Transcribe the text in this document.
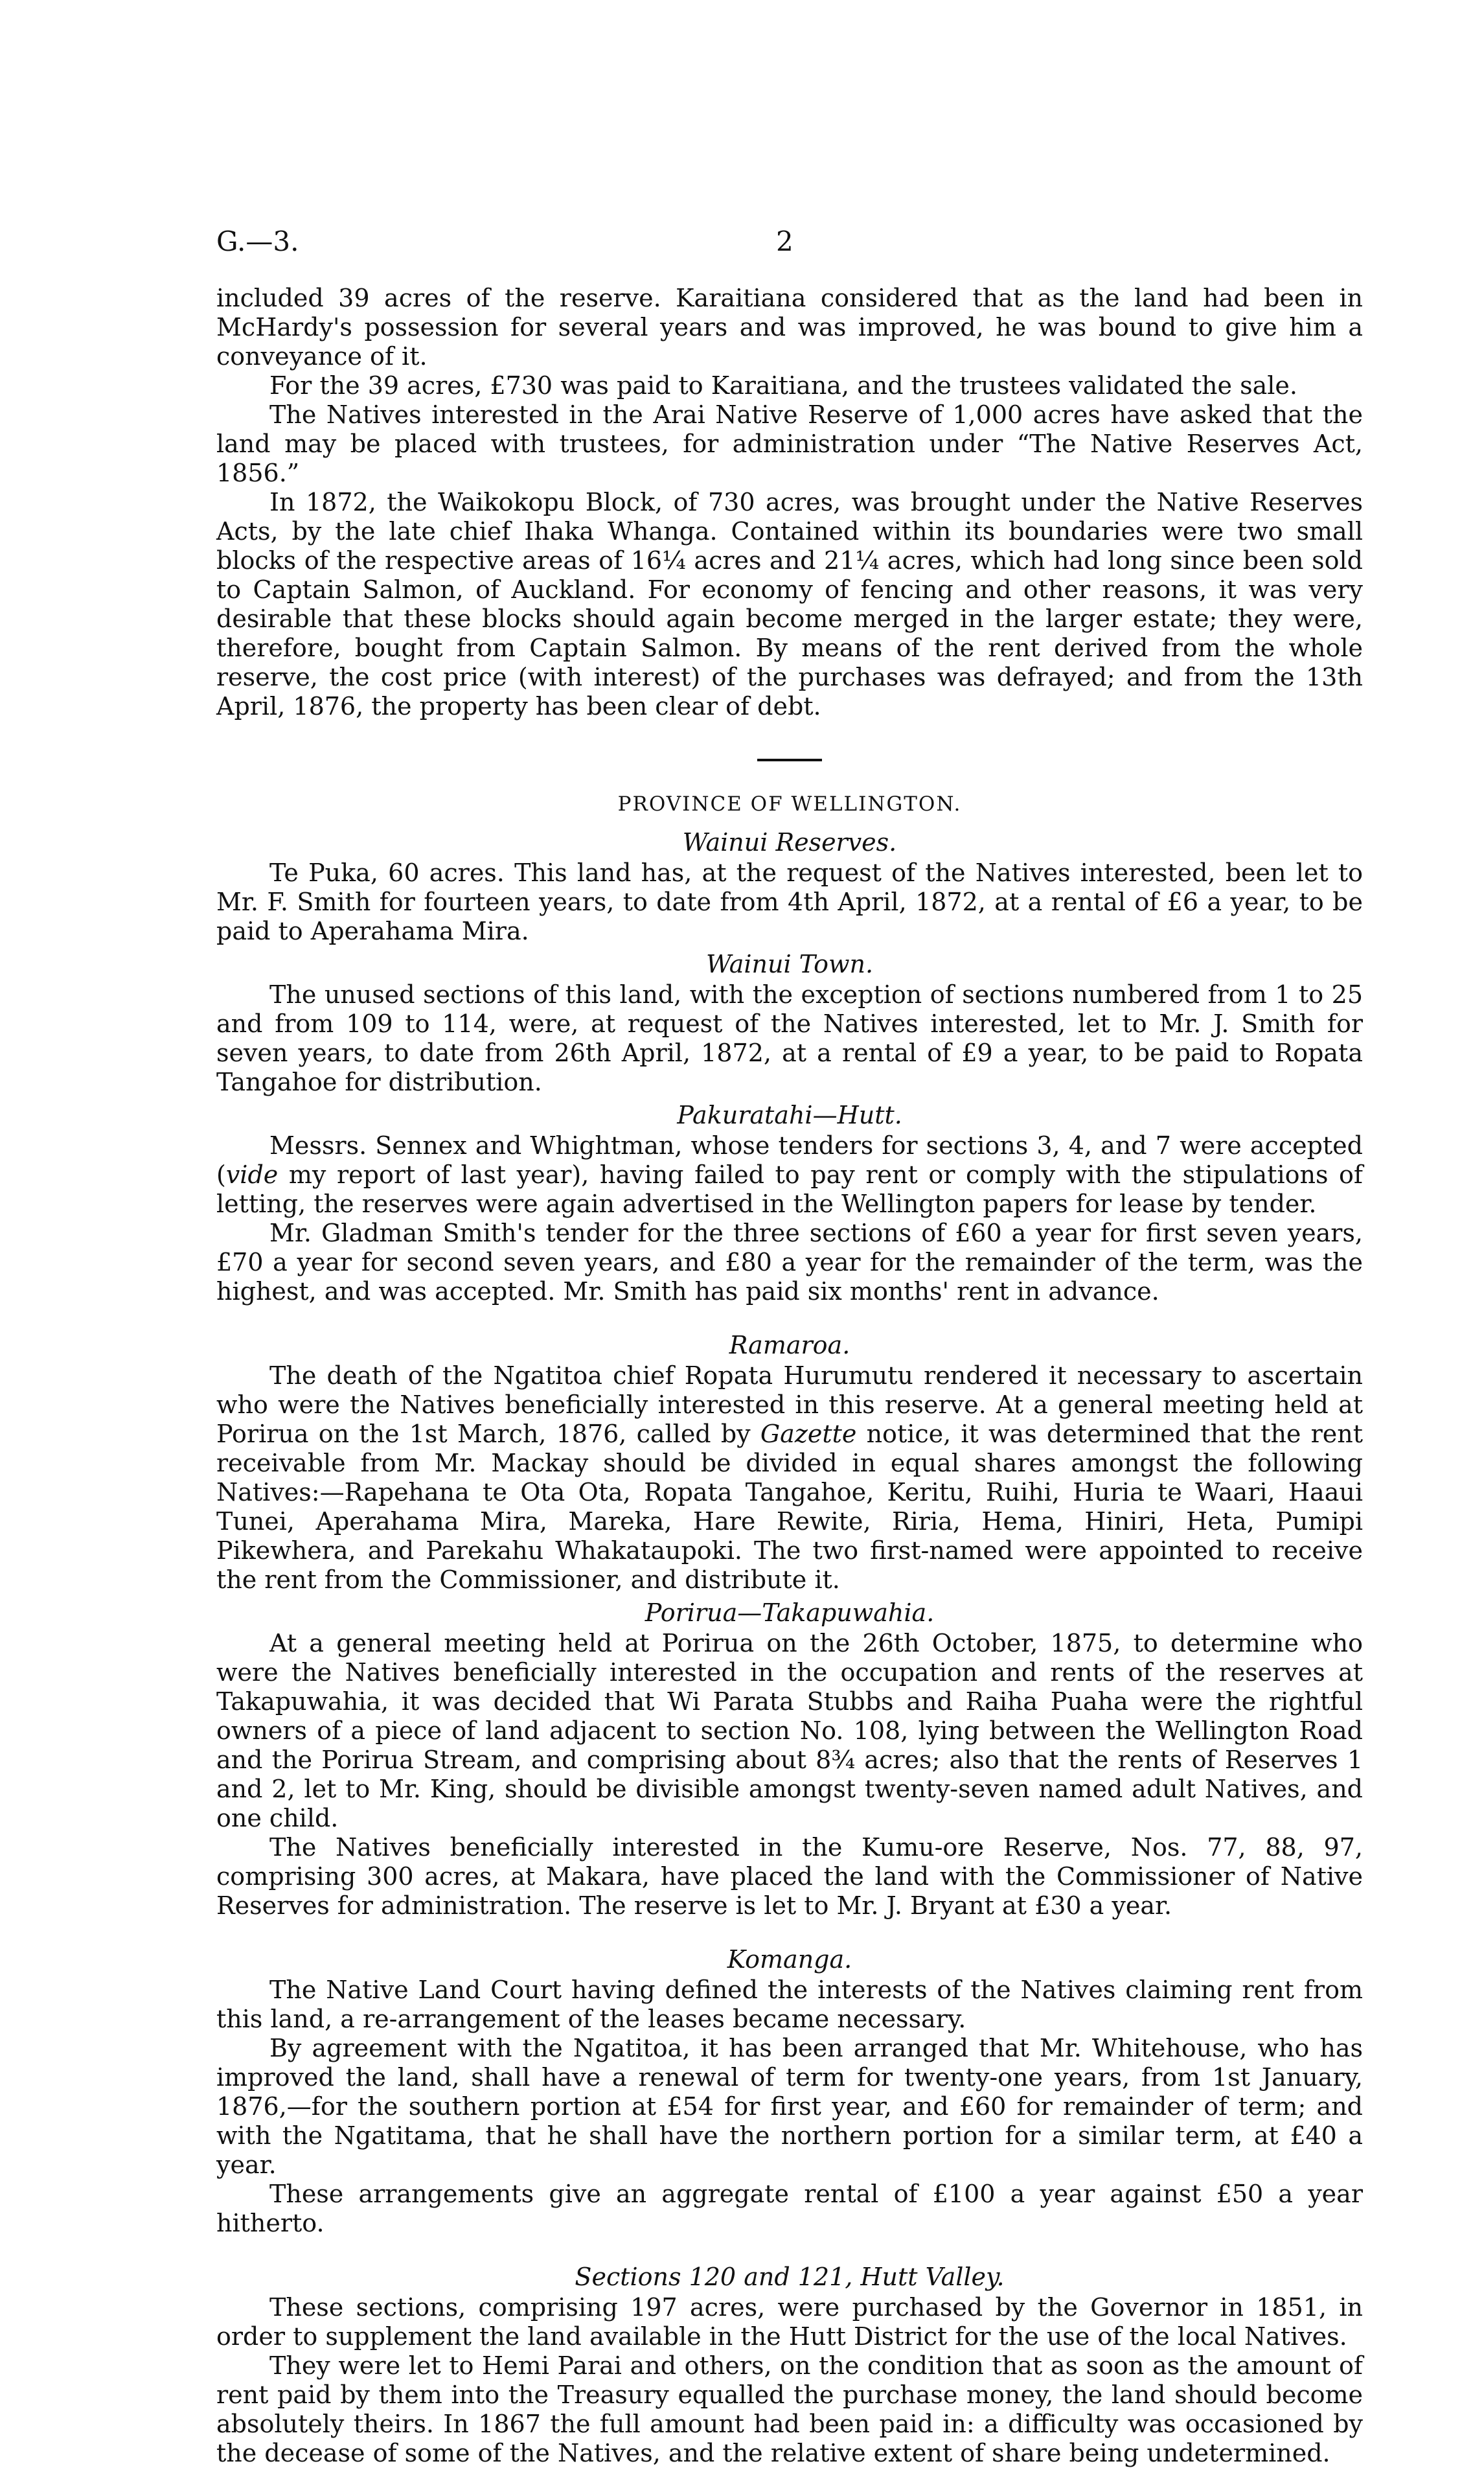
G.—3.	2

included 39 acres of the reserve. Karaitiana considered that as the land had been in McHardy's possession for several years and was improved, he was bound to give him a conveyance of it.

For the 39 acres, £730 was paid to Karaitiana, and the trustees validated the sale.

The Natives interested in the Arai Native Reserve of 1,000 acres have asked that the land may be placed with trustees, for administration under “The Native Reserves Act, 1856.”

In 1872, the Waikokopu Block, of 730 acres, was brought under the Native Reserves Acts, by the late chief Ihaka Whanga. Contained within its boundaries were two small blocks of the respective areas of 16¼ acres and 21¼ acres, which had long since been sold to Captain Salmon, of Auckland. For economy of fencing and other reasons, it was very desirable that these blocks should again become merged in the larger estate; they were, therefore, bought from Captain Salmon. By means of the rent derived from the whole reserve, the cost price (with interest) of the purchases was defrayed; and from the 13th April, 1876, the property has been clear of debt.

PROVINCE OF WELLINGTON.
Wainui Reserves.

Te Puka, 60 acres. This land has, at the request of the Natives interested, been let to Mr. F. Smith for fourteen years, to date from 4th April, 1872, at a rental of £6 a year, to be paid to Aperahama Mira.

Wainui Town.

The unused sections of this land, with the exception of sections numbered from 1 to 25 and from 109 to 114, were, at request of the Natives interested, let to Mr. J. Smith for seven years, to date from 26th April, 1872, at a rental of £9 a year, to be paid to Ropata Tangahoe for distribution.

Pakuratahi—Hutt.

Messrs. Sennex and Whightman, whose tenders for sections 3, 4, and 7 were accepted (vide my report of last year), having failed to pay rent or comply with the stipulations of letting, the reserves were again advertised in the Wellington papers for lease by tender.

Mr. Gladman Smith's tender for the three sections of £60 a year for first seven years, £70 a year for second seven years, and £80 a year for the remainder of the term, was the highest, and was accepted. Mr. Smith has paid six months' rent in advance.

Ramaroa.

The death of the Ngatitoa chief Ropata Hurumutu rendered it necessary to ascertain who were the Natives beneficially interested in this reserve. At a general meeting held at Porirua on the 1st March, 1876, called by Gazette notice, it was determined that the rent receivable from Mr. Mackay should be divided in equal shares amongst the following Natives:—Rapehana te Ota Ota, Ropata Tangahoe, Keritu, Ruihi, Huria te Waari, Haaui Tunei, Aperahama Mira, Mareka, Hare Rewite, Riria, Hema, Hiniri, Heta, Pumipi Pikewhera, and Parekahu Whakataupoki. The two first-named were appointed to receive the rent from the Commissioner, and distribute it.

Porirua—Takapuwahia.

At a general meeting held at Porirua on the 26th October, 1875, to determine who were the Natives beneficially interested in the occupation and rents of the reserves at Takapuwahia, it was decided that Wi Parata Stubbs and Raiha Puaha were the rightful owners of a piece of land adjacent to section No. 108, lying between the Wellington Road and the Porirua Stream, and comprising about 8¾ acres; also that the rents of Reserves 1 and 2, let to Mr. King, should be divisible amongst twenty-seven named adult Natives, and one child.

The Natives beneficially interested in the Kumu-ore Reserve, Nos. 77, 88, 97, comprising 300 acres, at Makara, have placed the land with the Commissioner of Native Reserves for administration. The reserve is let to Mr. J. Bryant at £30 a year.

Komanga.

The Native Land Court having defined the interests of the Natives claiming rent from this land, a re-arrangement of the leases became necessary.

By agreement with the Ngatitoa, it has been arranged that Mr. Whitehouse, who has improved the land, shall have a renewal of term for twenty-one years, from 1st January, 1876,—for the southern portion at £54 for first year, and £60 for remainder of term; and with the Ngatitama, that he shall have the northern portion for a similar term, at £40 a year.

These arrangements give an aggregate rental of £100 a year against £50 a year hitherto.

Sections 120 and 121, Hutt Valley.

These sections, comprising 197 acres, were purchased by the Governor in 1851, in order to supplement the land available in the Hutt District for the use of the local Natives.

They were let to Hemi Parai and others, on the condition that as soon as the amount of rent paid by them into the Treasury equalled the purchase money, the land should become absolutely theirs. In 1867 the full amount had been paid in: a difficulty was occasioned by the decease of some of the Natives, and the relative extent of share being undetermined.
